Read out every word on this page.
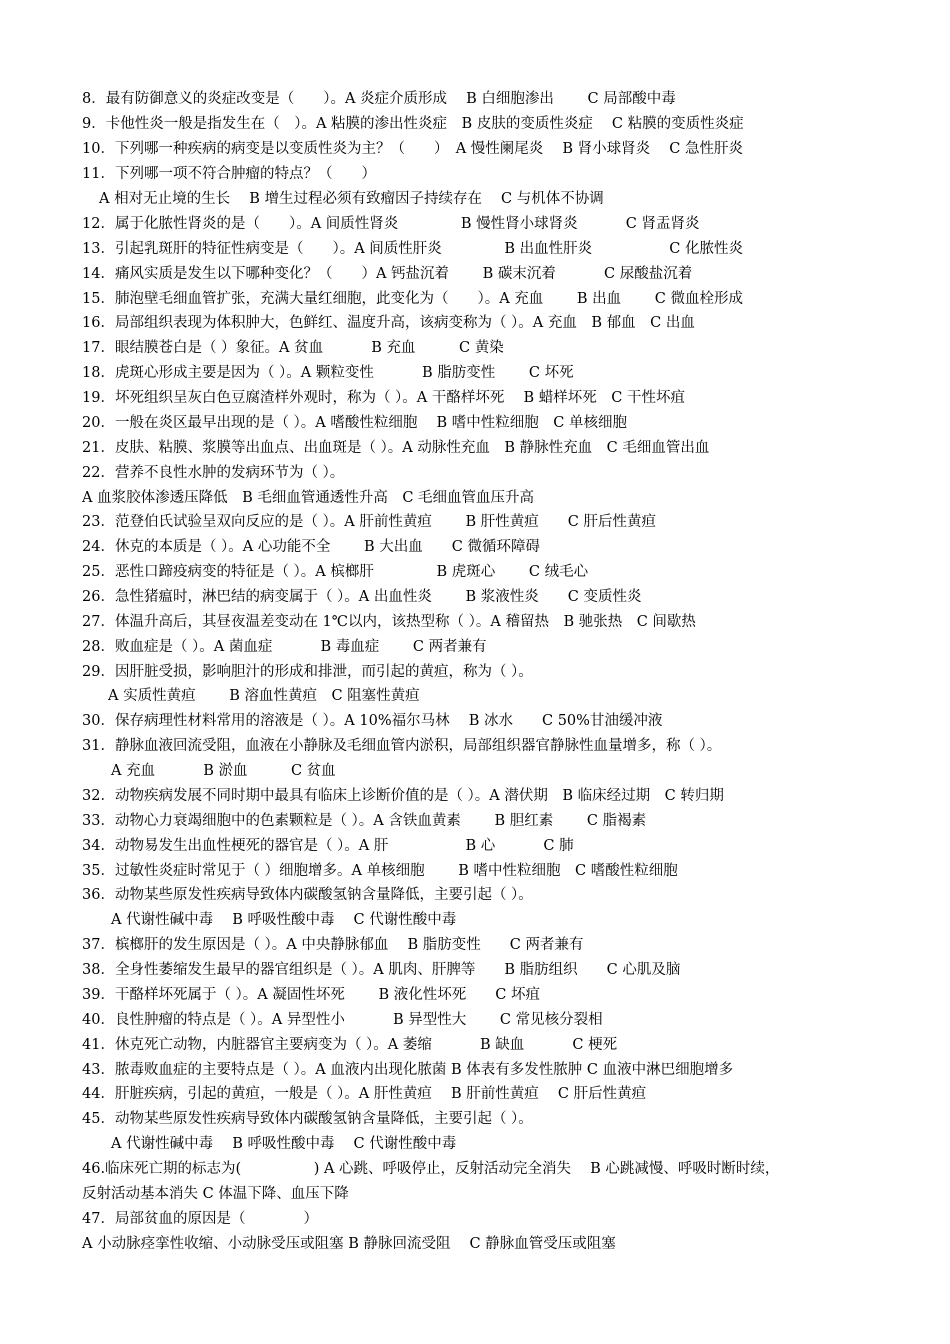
8．最有防御意义的炎症改变是（　　）。A 炎症介质形成　 B 白细胞渗出　　 C 局部酸中毒
9．卡他性炎一般是指发生在（　）。A 粘膜的渗出性炎症　B 皮肤的变质性炎症　 C 粘膜的变质性炎症
10．下列哪一种疾病的病变是以变质性炎为主？（　　）　A 慢性阑尾炎　 B 肾小球肾炎　 C 急性肝炎
11．下列哪一项不符合肿瘤的特点？（　　）
A 相对无止境的生长　 B 增生过程必须有致瘤因子持续存在　 C 与机体不协调
12．属于化脓性肾炎的是（　　）。A 间质性肾炎　　　　 B 慢性肾小球肾炎　　　 C 肾盂肾炎
13．引起乳斑肝的特征性病变是（　　）。A 间质性肝炎　　　　 B 出血性肝炎　　　　　 C 化脓性炎
14．痛风实质是发生以下哪种变化？（　　）A 钙盐沉着　　 B 碳末沉着　　　 C 尿酸盐沉着
15．肺泡壁毛细血管扩张，充满大量红细胞，此变化为（　　）。A 充血　　 B 出血　　 C 微血栓形成
16．局部组织表现为体积肿大，色鲜红、温度升高，该病变称为（ ）。A 充血　B 郁血　C 出血
17．眼结膜苍白是（ ）象征。A 贫血　　　 B 充血　　　C 黄染
18．虎斑心形成主要是因为（ ）。A 颗粒变性　　　 B 脂肪变性　　 C 坏死
19．坏死组织呈灰白色豆腐渣样外观时，称为（ ）。A 干酪样坏死　 B 蜡样坏死　C 干性坏疽
20．一般在炎区最早出现的是（ ）。A 嗜酸性粒细胞　 B 嗜中性粒细胞　C 单核细胞
21．皮肤、粘膜、浆膜等出血点、出血斑是（ ）。A 动脉性充血　B 静脉性充血　C 毛细血管出血
22．营养不良性水肿的发病环节为（ ）。
A 血浆胶体渗透压降低　B 毛细血管通透性升高　C 毛细血管血压升高
23．范登伯氏试验呈双向反应的是（ ）。A 肝前性黄疸　　 B 肝性黄疸　　C 肝后性黄疸
24．休克的本质是（ ）。A 心功能不全　　 B 大出血　　C 微循环障碍
25．恶性口蹄疫病变的特征是（ ）。A 槟榔肝　　　　 B 虎斑心　　 C 绒毛心
26．急性猪瘟时，淋巴结的病变属于（ ）。A 出血性炎　　 B 浆液性炎　　C 变质性炎
27．体温升高后，其昼夜温差变动在 1℃以内，该热型称（ ）。A 稽留热　B 驰张热　C 间歇热
28．败血症是（ ）。A 菌血症　　　 B 毒血症　　 C 两者兼有
29．因肝脏受损，影响胆汁的形成和排泄，而引起的黄疸，称为（ ）。
A 实质性黄疸　　 B 溶血性黄疸　C 阻塞性黄疸
30．保存病理性材料常用的溶液是（ ）。A 10%福尔马林　 B 冰水　　C 50%甘油缓冲液
31．静脉血液回流受阻，血液在小静脉及毛细血管内淤积，局部组织器官静脉性血量增多，称（ ）。
A 充血　　　 B 淤血　　　C 贫血
32．动物疾病发展不同时期中最具有临床上诊断价值的是（ ）。A 潜伏期　B 临床经过期　C 转归期
33．动物心力衰竭细胞中的色素颗粒是（ ）。A 含铁血黄素　　 B 胆红素　　 C 脂褐素
34．动物易发生出血性梗死的器官是（ ）。A 肝　　　　　 B 心　　　 C 肺
35．过敏性炎症时常见于（ ）细胞增多。A 单核细胞　　 B 嗜中性粒细胞　C 嗜酸性粒细胞
36．动物某些原发性疾病导致体内碳酸氢钠含量降低，主要引起（ ）。
A 代谢性碱中毒　 B 呼吸性酸中毒　 C 代谢性酸中毒
37．槟榔肝的发生原因是（ ）。A 中央静脉郁血　 B 脂肪变性　　C 两者兼有
38．全身性萎缩发生最早的器官组织是（ ）。A 肌肉、肝脾等　　B 脂肪组织　　C 心肌及脑
39．干酪样坏死属于（ ）。A 凝固性坏死　　 B 液化性坏死　　C 坏疽
40．良性肿瘤的特点是（ ）。A 异型性小　　　 B 异型性大　　 C 常见核分裂相
41．休克死亡动物，内脏器官主要病变为（ ）。A 萎缩　　　 B 缺血　　　 C 梗死
43．脓毒败血症的主要特点是（ ）。A 血液内出现化脓菌 B 体表有多发性脓肿 C 血液中淋巴细胞增多
44．肝脏疾病，引起的黄疸，一般是（ ）。A 肝性黄疸　 B 肝前性黄疸　 C 肝后性黄疸
45．动物某些原发性疾病导致体内碳酸氢钠含量降低，主要引起（ ）。
A 代谢性碱中毒　 B 呼吸性酸中毒　 C 代谢性酸中毒
46.临床死亡期的标志为(　　　　　) A 心跳、呼吸停止，反射活动完全消失　 B 心跳减慢、呼吸时断时续，
反射活动基本消失 C 体温下降、血压下降
47．局部贫血的原因是（　　　　）
A 小动脉痉挛性收缩、小动脉受压或阻塞 B 静脉回流受阻　 C 静脉血管受压或阻塞
